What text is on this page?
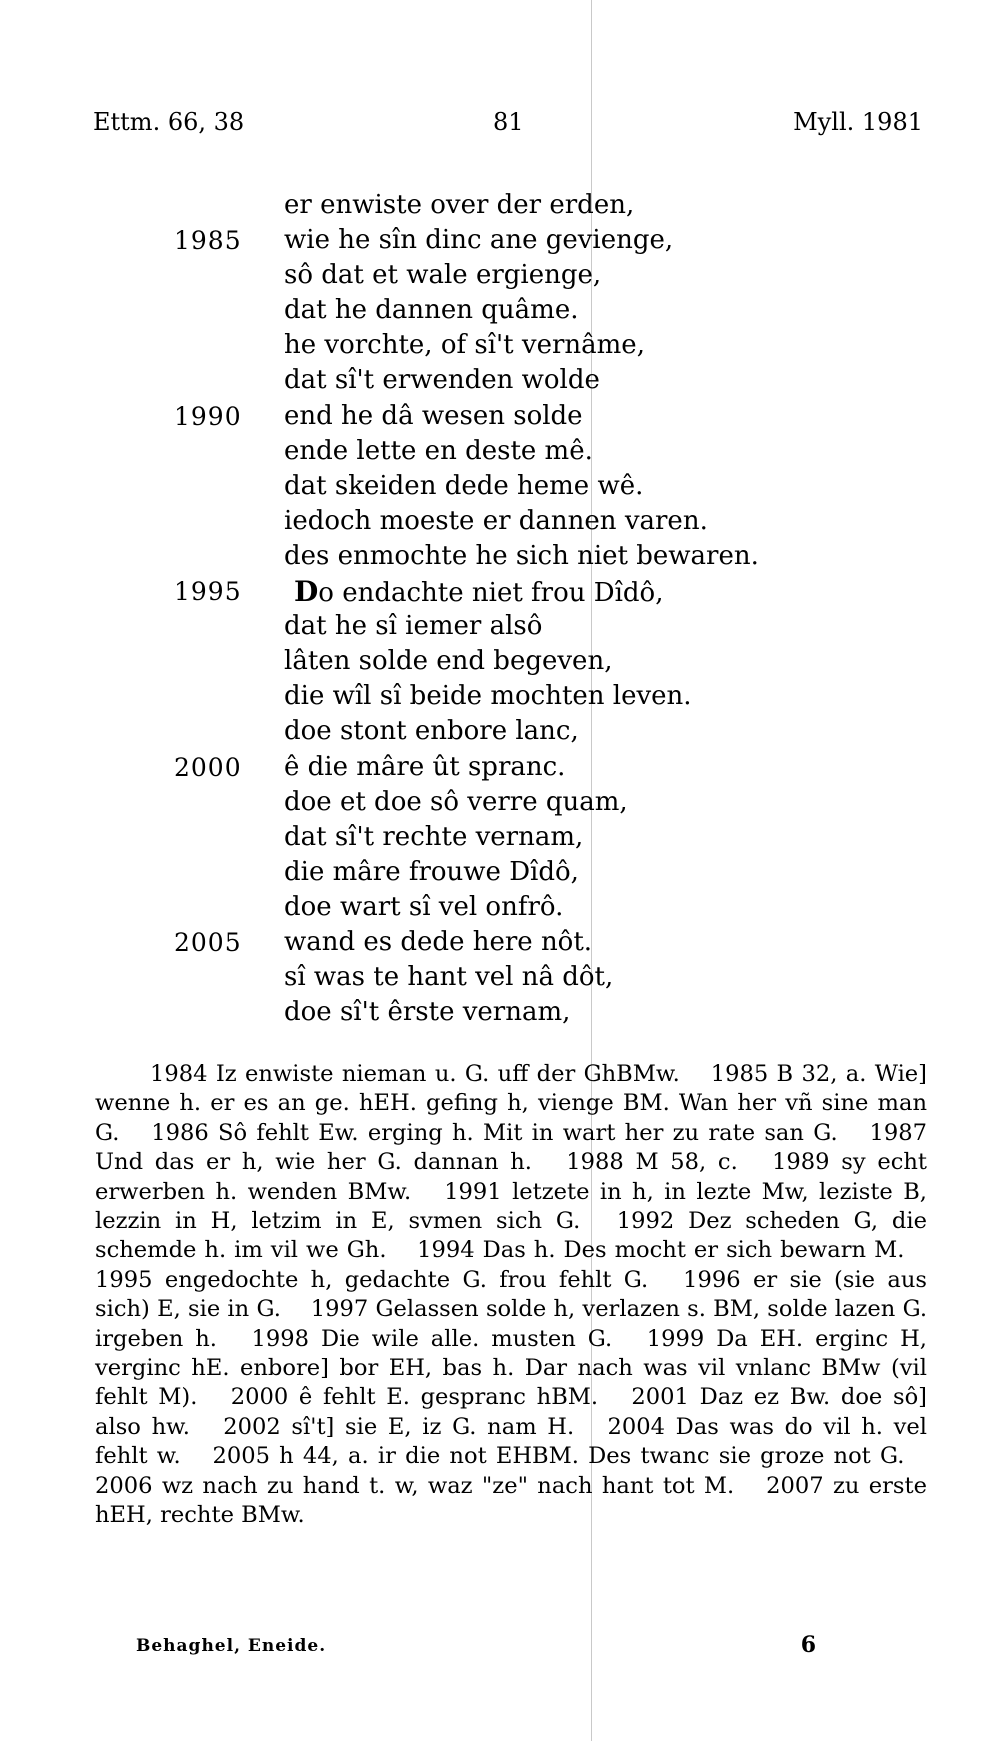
Ettm. 66, 38	81	Myll. 1981
er enwiste over der erden,
1985	wie he sîn dinc ane gevienge,
sô dat et wale ergienge,
dat he dannen quâme.
he vorchte, of sî't vernâme,
dat sî't erwenden wolde
1990	end he dâ wesen solde
ende lette en deste mê.
dat skeiden dede heme wê.
iedoch moeste er dannen varen.
des enmochte he sich niet bewaren.
1995	Do endachte niet frou Dîdô,
dat he sî iemer alsô
lâten solde end begeven,
die wîl sî beide mochten leven.
doe stont enbore lanc,
2000	ê die mâre ût spranc.
doe et doe sô verre quam,
dat sî't rechte vernam,
die mâre frouwe Dîdô,
doe wart sî vel onfrô.
2005	wand es dede here nôt.
sî was te hant vel nâ dôt,
doe sî't êrste vernam,
1984 Iz enwiste nieman u. G. uff der GhBMw.  1985 B 32, a. Wie] wenne h. er es an ge. hEH. gefing h, vienge BM. Wan her vñ sine man G.  1986 Sô fehlt Ew. erging h. Mit in wart her zu rate san G.  1987 Und das er h, wie her G. dannan h.  1988 M 58, c.  1989 sy echt erwerben h. wenden BMw.  1991 letzete in h, in lezte Mw, leziste B, lezzin in H, letzim in E, svmen sich G.  1992 Dez scheden G, die schemde h. im vil we Gh.  1994 Das h. Des mocht er sich bewarn M.  1995 engedochte h, gedachte G. frou fehlt G.  1996 er sie (sie aus sich) E, sie in G.  1997 Gelassen solde h, verlazen s. BM, solde lazen G. irgeben h.  1998 Die wile alle. musten G.  1999 Da EH. erginc H, verginc hE. enbore] bor EH, bas h. Dar nach was vil vnlanc BMw (vil fehlt M).  2000 ê fehlt E. gespranc hBM.  2001 Daz ez Bw. doe sô] also hw.  2002 sî't] sie E, iz G. nam H.  2004 Das was do vil h. vel fehlt w.  2005 h 44, a. ir die not EHBM. Des twanc sie groze not G.  2006 wz nach zu hand t. w, waz "ze" nach hant tot M.  2007 zu erste hEH, rechte BMw.
Behaghel, Eneide.	6
